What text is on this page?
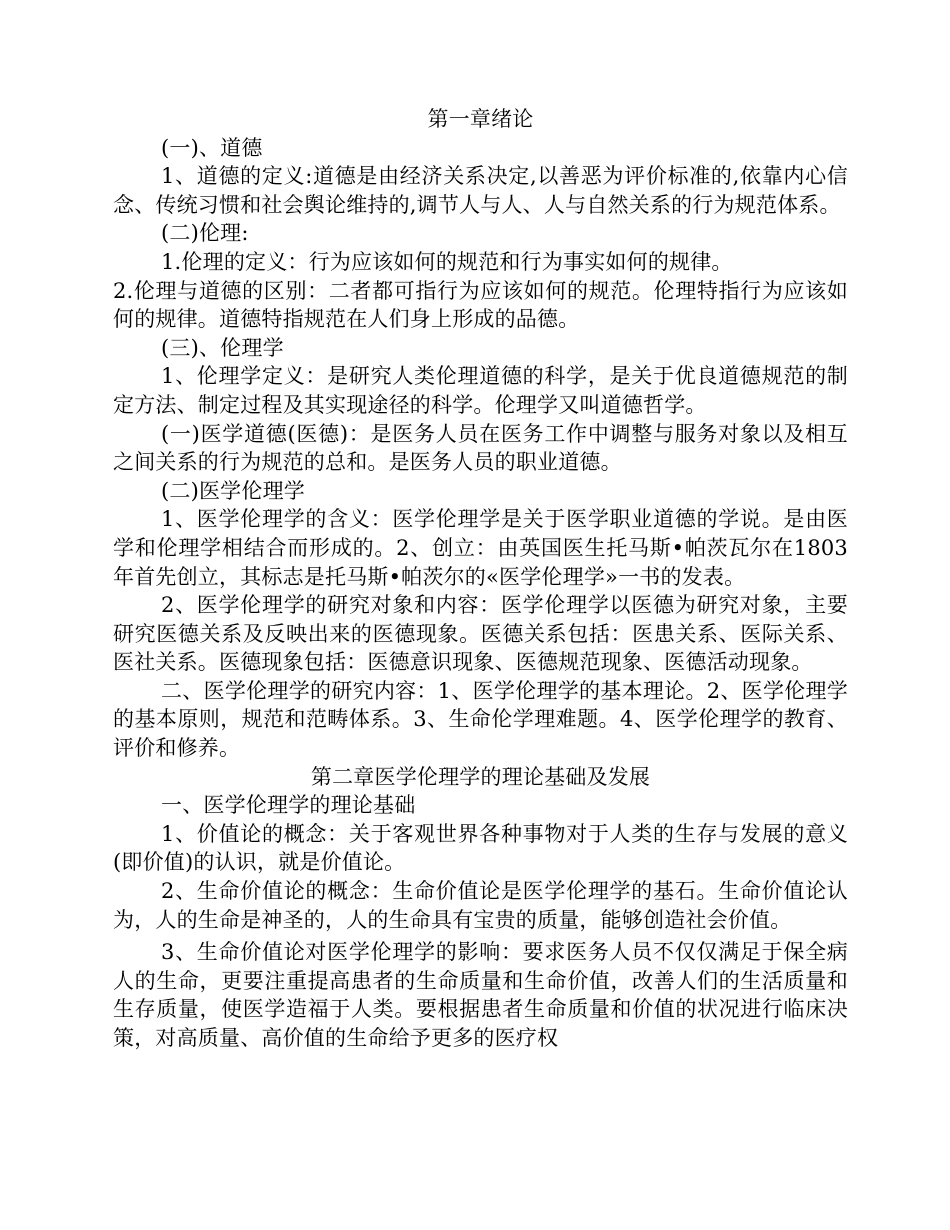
第一章绪论

(一)、道德

1、道德的定义:道德是由经济关系决定,以善恶为评价标准的,依靠内心信念、传统习惯和社会舆论维持的,调节人与人、人与自然关系的行为规范体系。

(二)伦理:

1.伦理的定义：行为应该如何的规范和行为事实如何的规律。

2.伦理与道德的区别：二者都可指行为应该如何的规范。伦理特指行为应该如何的规律。道德特指规范在人们身上形成的品德。

(三)、伦理学

1、伦理学定义：是研究人类伦理道德的科学，是关于优良道德规范的制定方法、制定过程及其实现途径的科学。伦理学又叫道德哲学。

(一)医学道德(医德)：是医务人员在医务工作中调整与服务对象以及相互之间关系的行为规范的总和。是医务人员的职业道德。

(二)医学伦理学

1、医学伦理学的含义：医学伦理学是关于医学职业道德的学说。是由医学和伦理学相结合而形成的。2、创立：由英国医生托马斯•帕茨瓦尔在1803年首先创立，其标志是托马斯•帕茨尔的«医学伦理学»一书的发表。

2、医学伦理学的研究对象和内容：医学伦理学以医德为研究对象，主要研究医德关系及反映出来的医德现象。医德关系包括：医患关系、医际关系、医社关系。医德现象包括：医德意识现象、医德规范现象、医德活动现象。

二、医学伦理学的研究内容：1、医学伦理学的基本理论。2、医学伦理学的基本原则，规范和范畴体系。3、生命伦学理难题。4、医学伦理学的教育、评价和修养。

第二章医学伦理学的理论基础及发展

一、医学伦理学的理论基础

1、价值论的概念：关于客观世界各种事物对于人类的生存与发展的意义(即价值)的认识，就是价值论。

2、生命价值论的概念：生命价值论是医学伦理学的基石。生命价值论认为，人的生命是神圣的，人的生命具有宝贵的质量，能够创造社会价值。

3、生命价值论对医学伦理学的影响：要求医务人员不仅仅满足于保全病人的生命，更要注重提高患者的生命质量和生命价值，改善人们的生活质量和生存质量，使医学造福于人类。要根据患者生命质量和价值的状况进行临床决策，对高质量、高价值的生命给予更多的医疗权
